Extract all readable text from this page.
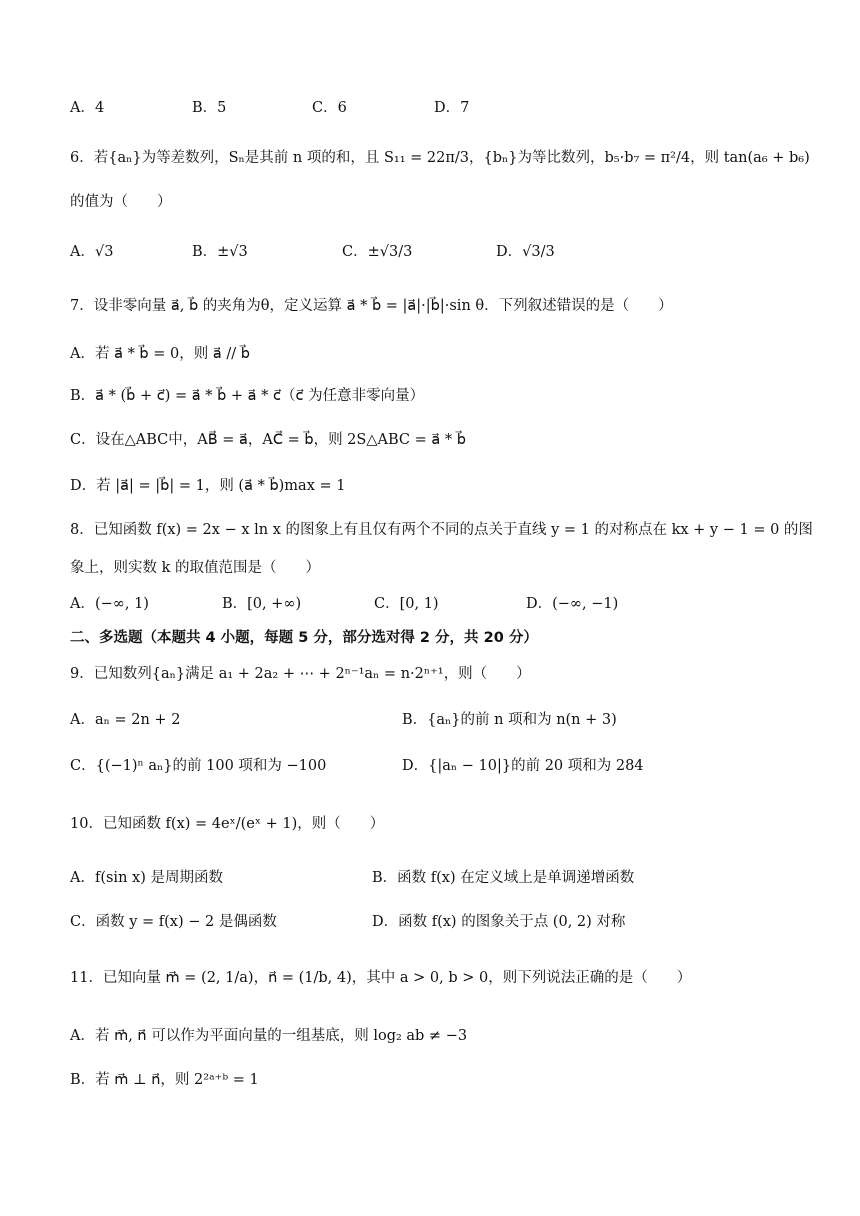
A．4	B．5	C．6	D．7
6．若{aₙ}为等差数列，Sₙ是其前 n 项的和，且 S₁₁ = 22π/3，{bₙ}为等比数列，b₅·b₇ = π²/4，则 tan(a₆ + b₆)
的值为（　　）
A．√3	B．±√3	C．±√3/3	D．√3/3
7．设非零向量 a⃗, b⃗ 的夹角为θ，定义运算 a⃗ * b⃗ = |a⃗|·|b⃗|·sin θ．下列叙述错误的是（　　）
A．若 a⃗ * b⃗ = 0，则 a⃗ // b⃗
B．a⃗ * (b⃗ + c⃗) = a⃗ * b⃗ + a⃗ * c⃗（c⃗ 为任意非零向量）
C．设在△ABC中，AB⃗ = a⃗，AC⃗ = b⃗，则 2S△ABC = a⃗ * b⃗
D．若 |a⃗| = |b⃗| = 1，则 (a⃗ * b⃗)max = 1
8．已知函数 f(x) = 2x − x ln x 的图象上有且仅有两个不同的点关于直线 y = 1 的对称点在 kx + y − 1 = 0 的图
象上，则实数 k 的取值范围是（　　）
A．(−∞, 1)	B．[0, +∞)	C．[0, 1)	D．(−∞, −1)
二、多选题（本题共 4 小题，每题 5 分，部分选对得 2 分，共 20 分）
9．已知数列{aₙ}满足 a₁ + 2a₂ + ⋯ + 2ⁿ⁻¹aₙ = n·2ⁿ⁺¹，则（　　）
A．aₙ = 2n + 2	B．{aₙ}的前 n 项和为 n(n + 3)
C．{(−1)ⁿ aₙ}的前 100 项和为 −100	D．{|aₙ − 10|}的前 20 项和为 284
10．已知函数 f(x) = 4eˣ/(eˣ + 1)，则（　　）
A．f(sin x) 是周期函数	B．函数 f(x) 在定义域上是单调递增函数
C．函数 y = f(x) − 2 是偶函数	D．函数 f(x) 的图象关于点 (0, 2) 对称
11．已知向量 m⃗ = (2, 1/a)，n⃗ = (1/b, 4)，其中 a > 0, b > 0，则下列说法正确的是（　　）
A．若 m⃗, n⃗ 可以作为平面向量的一组基底，则 log₂ ab ≠ −3
B．若 m⃗ ⊥ n⃗，则 2²ᵃ⁺ᵇ = 1
